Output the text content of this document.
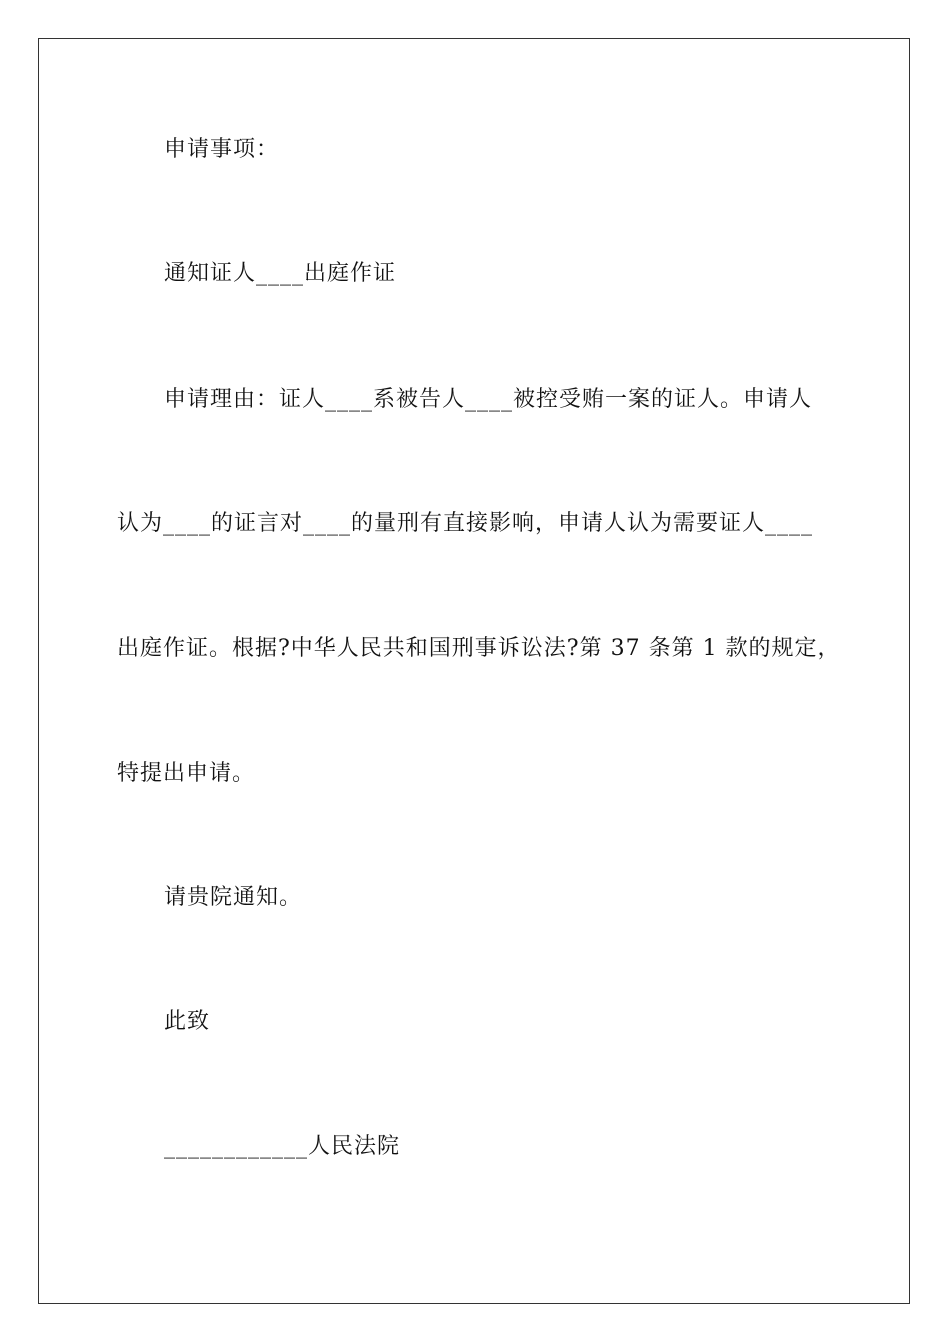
申请事项：
通知证人____出庭作证
申请理由：证人____系被告人____被控受贿一案的证人。申请人
认为____的证言对____的量刑有直接影响，申请人认为需要证人____
出庭作证。根据?中华人民共和国刑事诉讼法?第 37 条第 1 款的规定，
特提出申请。
请贵院通知。
此致
____________人民法院
